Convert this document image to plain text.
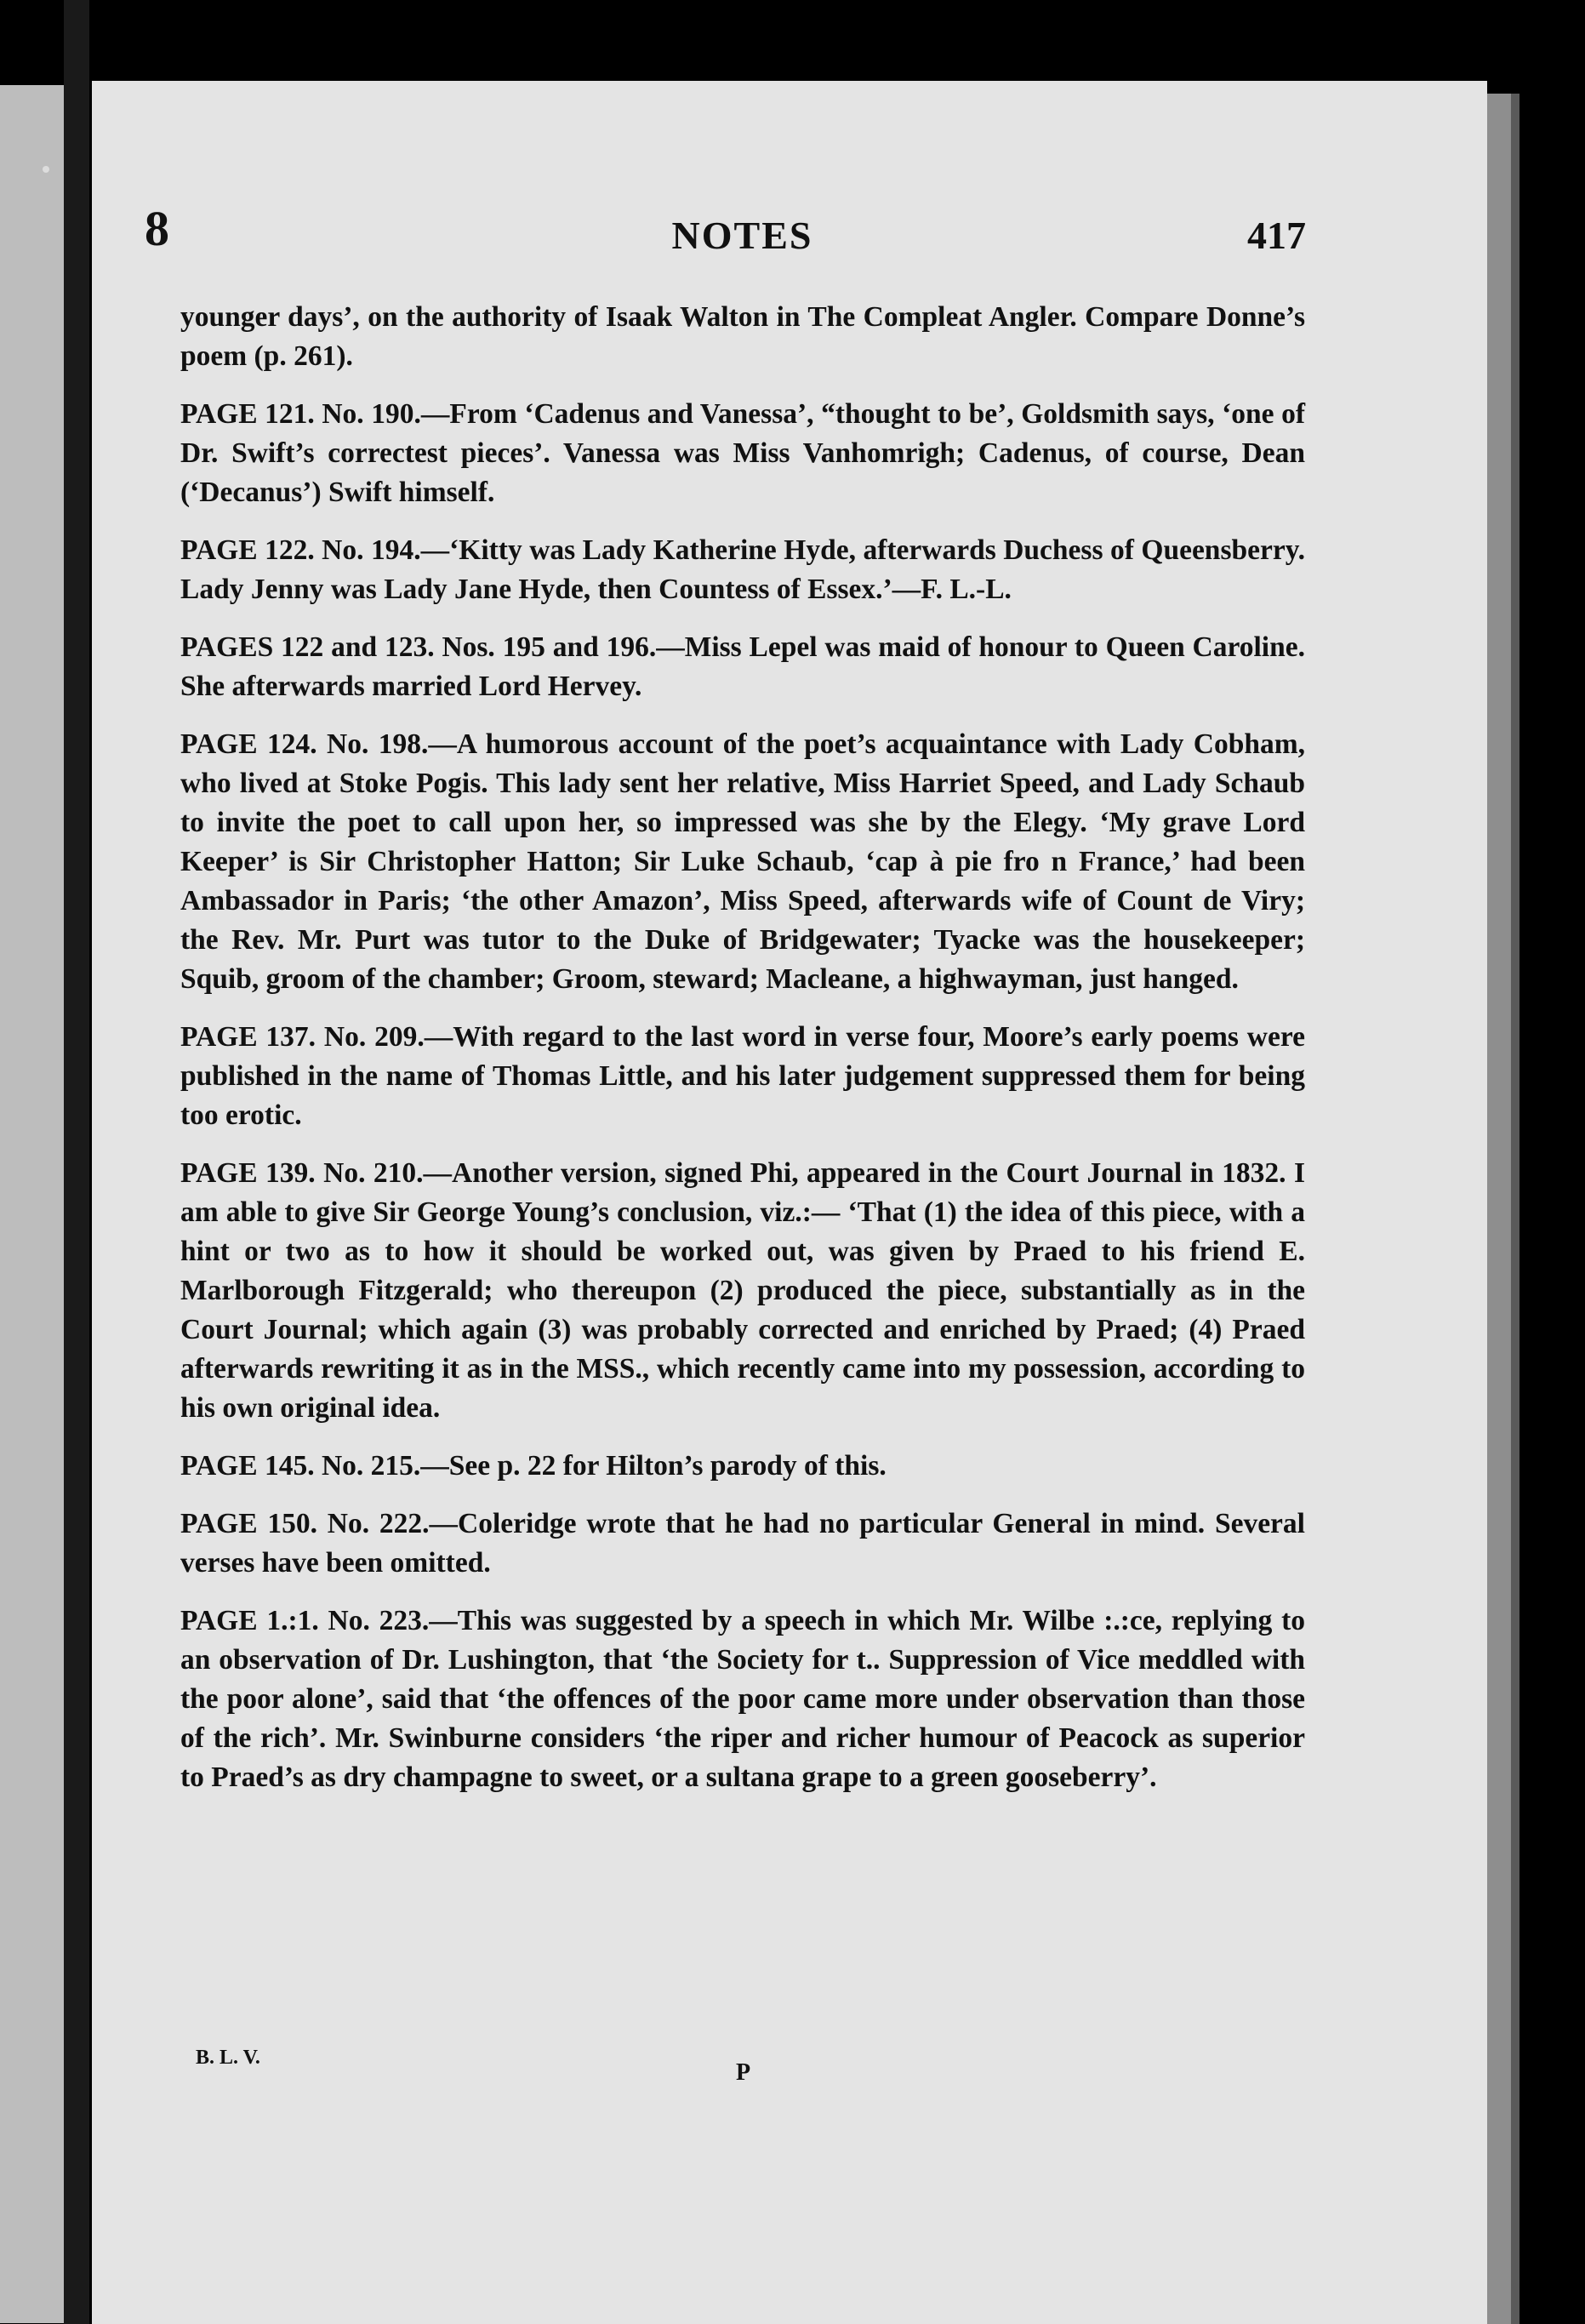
8	NOTES	417

younger days’, on the authority of Isaak Walton in The Compleat Angler. Compare Donne’s poem (p. 261).

PAGE 121. No. 190.—From ‘Cadenus and Vanessa’, “thought to be’, Goldsmith says, ‘one of Dr. Swift’s correctest pieces’. Vanessa was Miss Vanhomrigh; Cadenus, of course, Dean (‘Decanus’) Swift himself.

PAGE 122. No. 194.—‘Kitty was Lady Katherine Hyde, afterwards Duchess of Queensberry. Lady Jenny was Lady Jane Hyde, then Countess of Essex.’—F. L.-L.

PAGES 122 and 123. Nos. 195 and 196.—Miss Lepel was maid of honour to Queen Caroline. She afterwards married Lord Hervey.

PAGE 124. No. 198.—A humorous account of the poet’s acquaintance with Lady Cobham, who lived at Stoke Pogis. This lady sent her relative, Miss Harriet Speed, and Lady Schaub to invite the poet to call upon her, so impressed was she by the Elegy. ‘My grave Lord Keeper’ is Sir Christopher Hatton; Sir Luke Schaub, ‘cap à pie fro n France,’ had been Ambassador in Paris; ‘the other Amazon’, Miss Speed, afterwards wife of Count de Viry; the Rev. Mr. Purt was tutor to the Duke of Bridgewater; Tyacke was the housekeeper; Squib, groom of the chamber; Groom, steward; Macleane, a highwayman, just hanged.

PAGE 137. No. 209.—With regard to the last word in verse four, Moore’s early poems were published in the name of Thomas Little, and his later judgement suppressed them for being too erotic.

PAGE 139. No. 210.—Another version, signed Phi, appeared in the Court Journal in 1832. I am able to give Sir George Young’s conclusion, viz.:— ‘That (1) the idea of this piece, with a hint or two as to how it should be worked out, was given by Praed to his friend E. Marlborough Fitzgerald; who thereupon (2) produced the piece, substantially as in the Court Journal; which again (3) was probably corrected and enriched by Praed; (4) Praed afterwards rewriting it as in the MSS., which recently came into my possession, according to his own original idea.

PAGE 145. No. 215.—See p. 22 for Hilton’s parody of this.

PAGE 150. No. 222.—Coleridge wrote that he had no particular General in mind. Several verses have been omitted.

PAGE 1.:1. No. 223.—This was suggested by a speech in which Mr. Wilbe :.:ce, replying to an observation of Dr. Lushington, that ‘the Society for t.. Suppression of Vice meddled with the poor alone’, said that ‘the offences of the poor came more under observation than those of the rich’. Mr. Swinburne considers ‘the riper and richer humour of Peacock as superior to Praed’s as dry champagne to sweet, or a sultana grape to a green gooseberry’.

B. L. V.
P
